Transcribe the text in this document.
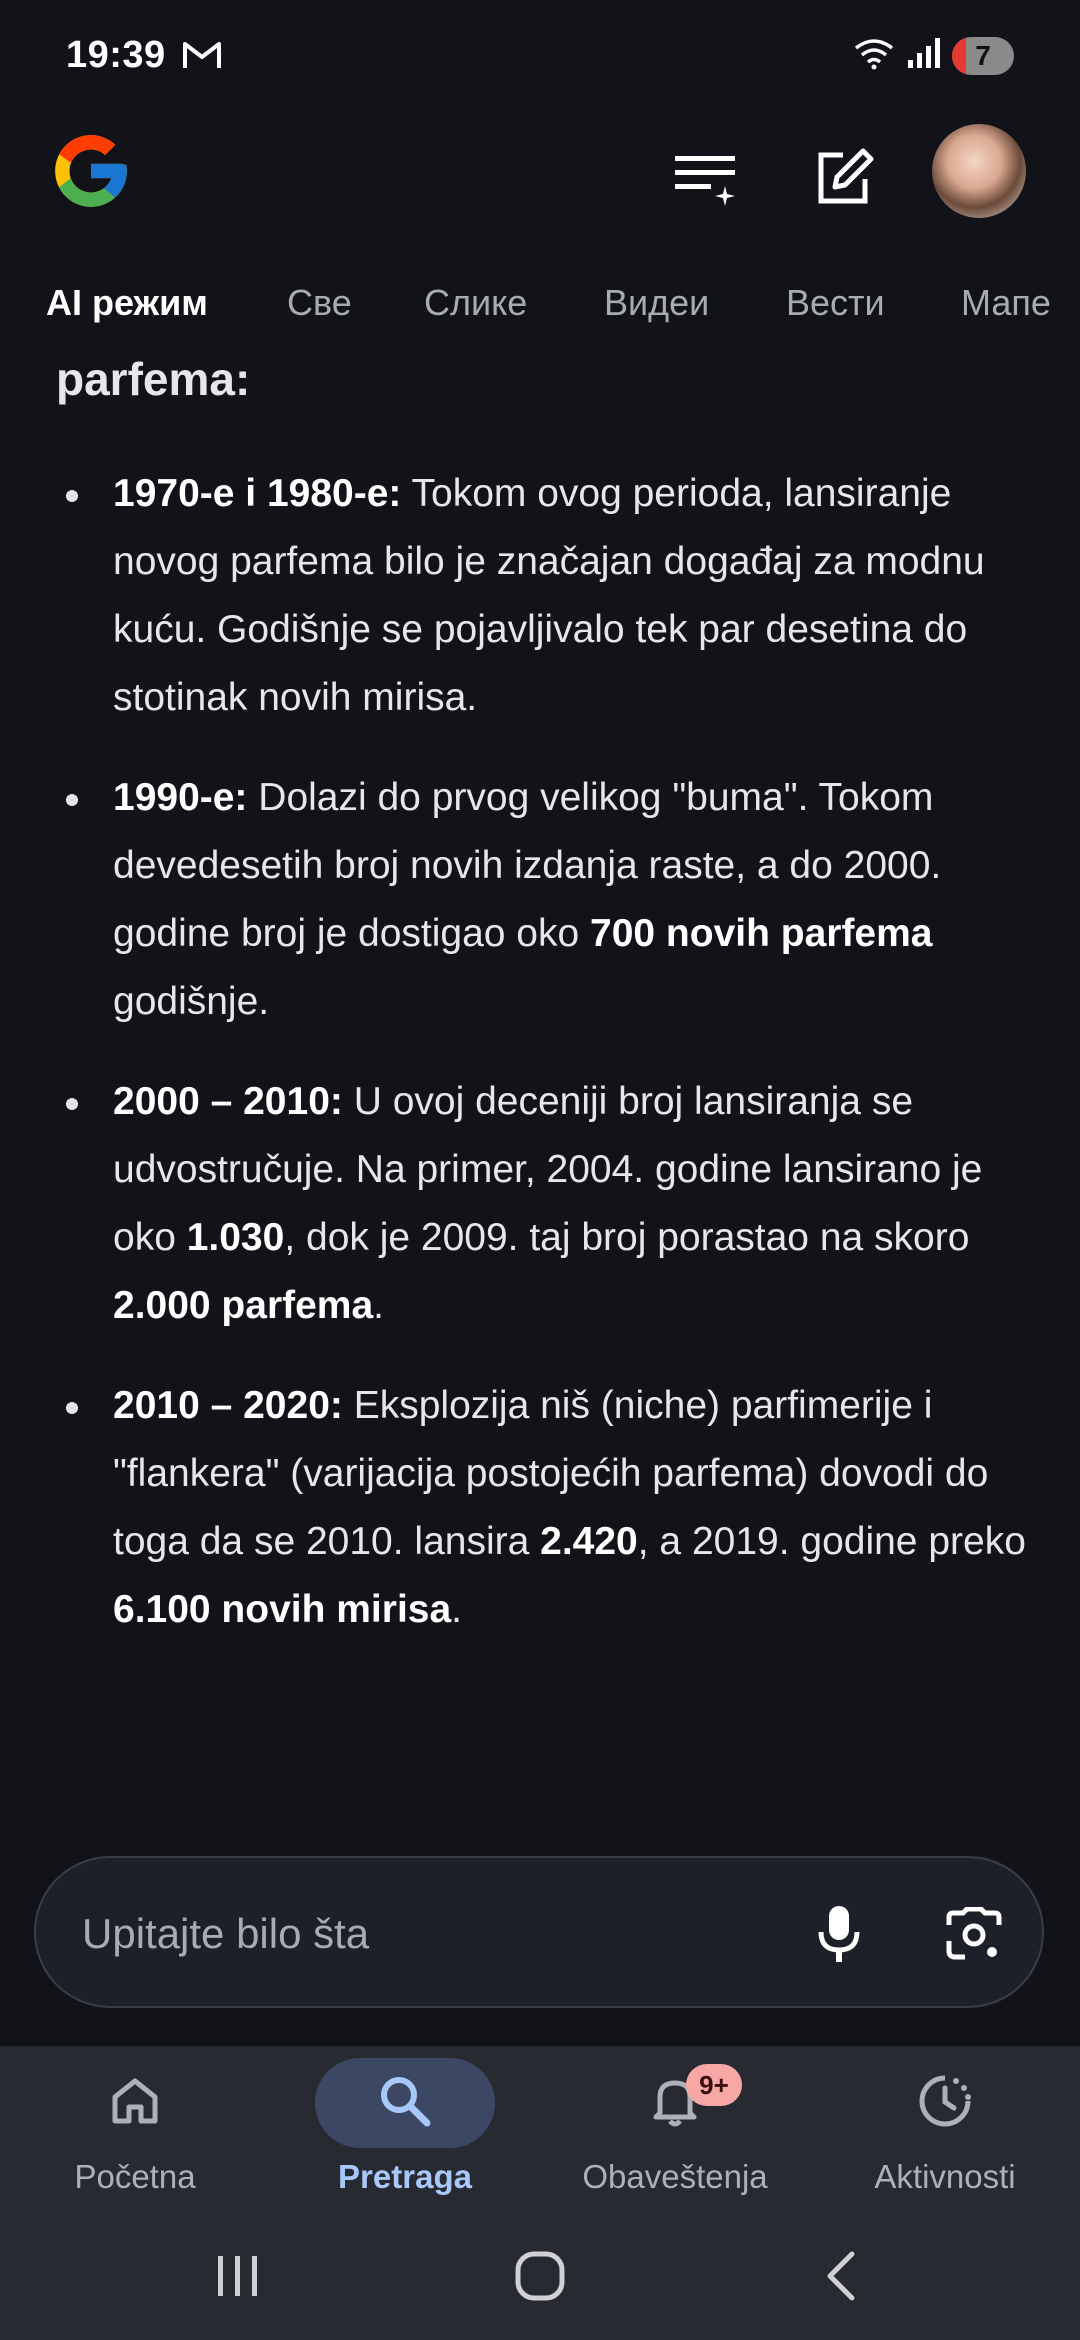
19:39	7
AI режим Све Слике Видеи Вести Мапе
parfema:
1970-e i 1980-e: Tokom ovog perioda, lansiranje novog parfema bilo je značajan događaj za modnu kuću. Godišnje se pojavljivalo tek par desetina do stotinak novih mirisa.
1990-e: Dolazi do prvog velikog "buma". Tokom devedesetih broj novih izdanja raste, a do 2000. godine broj je dostigao oko 700 novih parfema godišnje.
2000 – 2010: U ovoj deceniji broj lansiranja se udvostručuje. Na primer, 2004. godine lansirano je oko 1.030, dok je 2009. taj broj porastao na skoro 2.000 parfema.
2010 – 2020: Eksplozija niš (niche) parfimerije i "flankera" (varijacija postojećih parfema) dovodi do toga da se 2010. lansira 2.420, a 2019. godine preko 6.100 novih mirisa.
Upitajte bilo šta
Početna	Pretraga
9+
Obaveštenja	Aktivnosti
